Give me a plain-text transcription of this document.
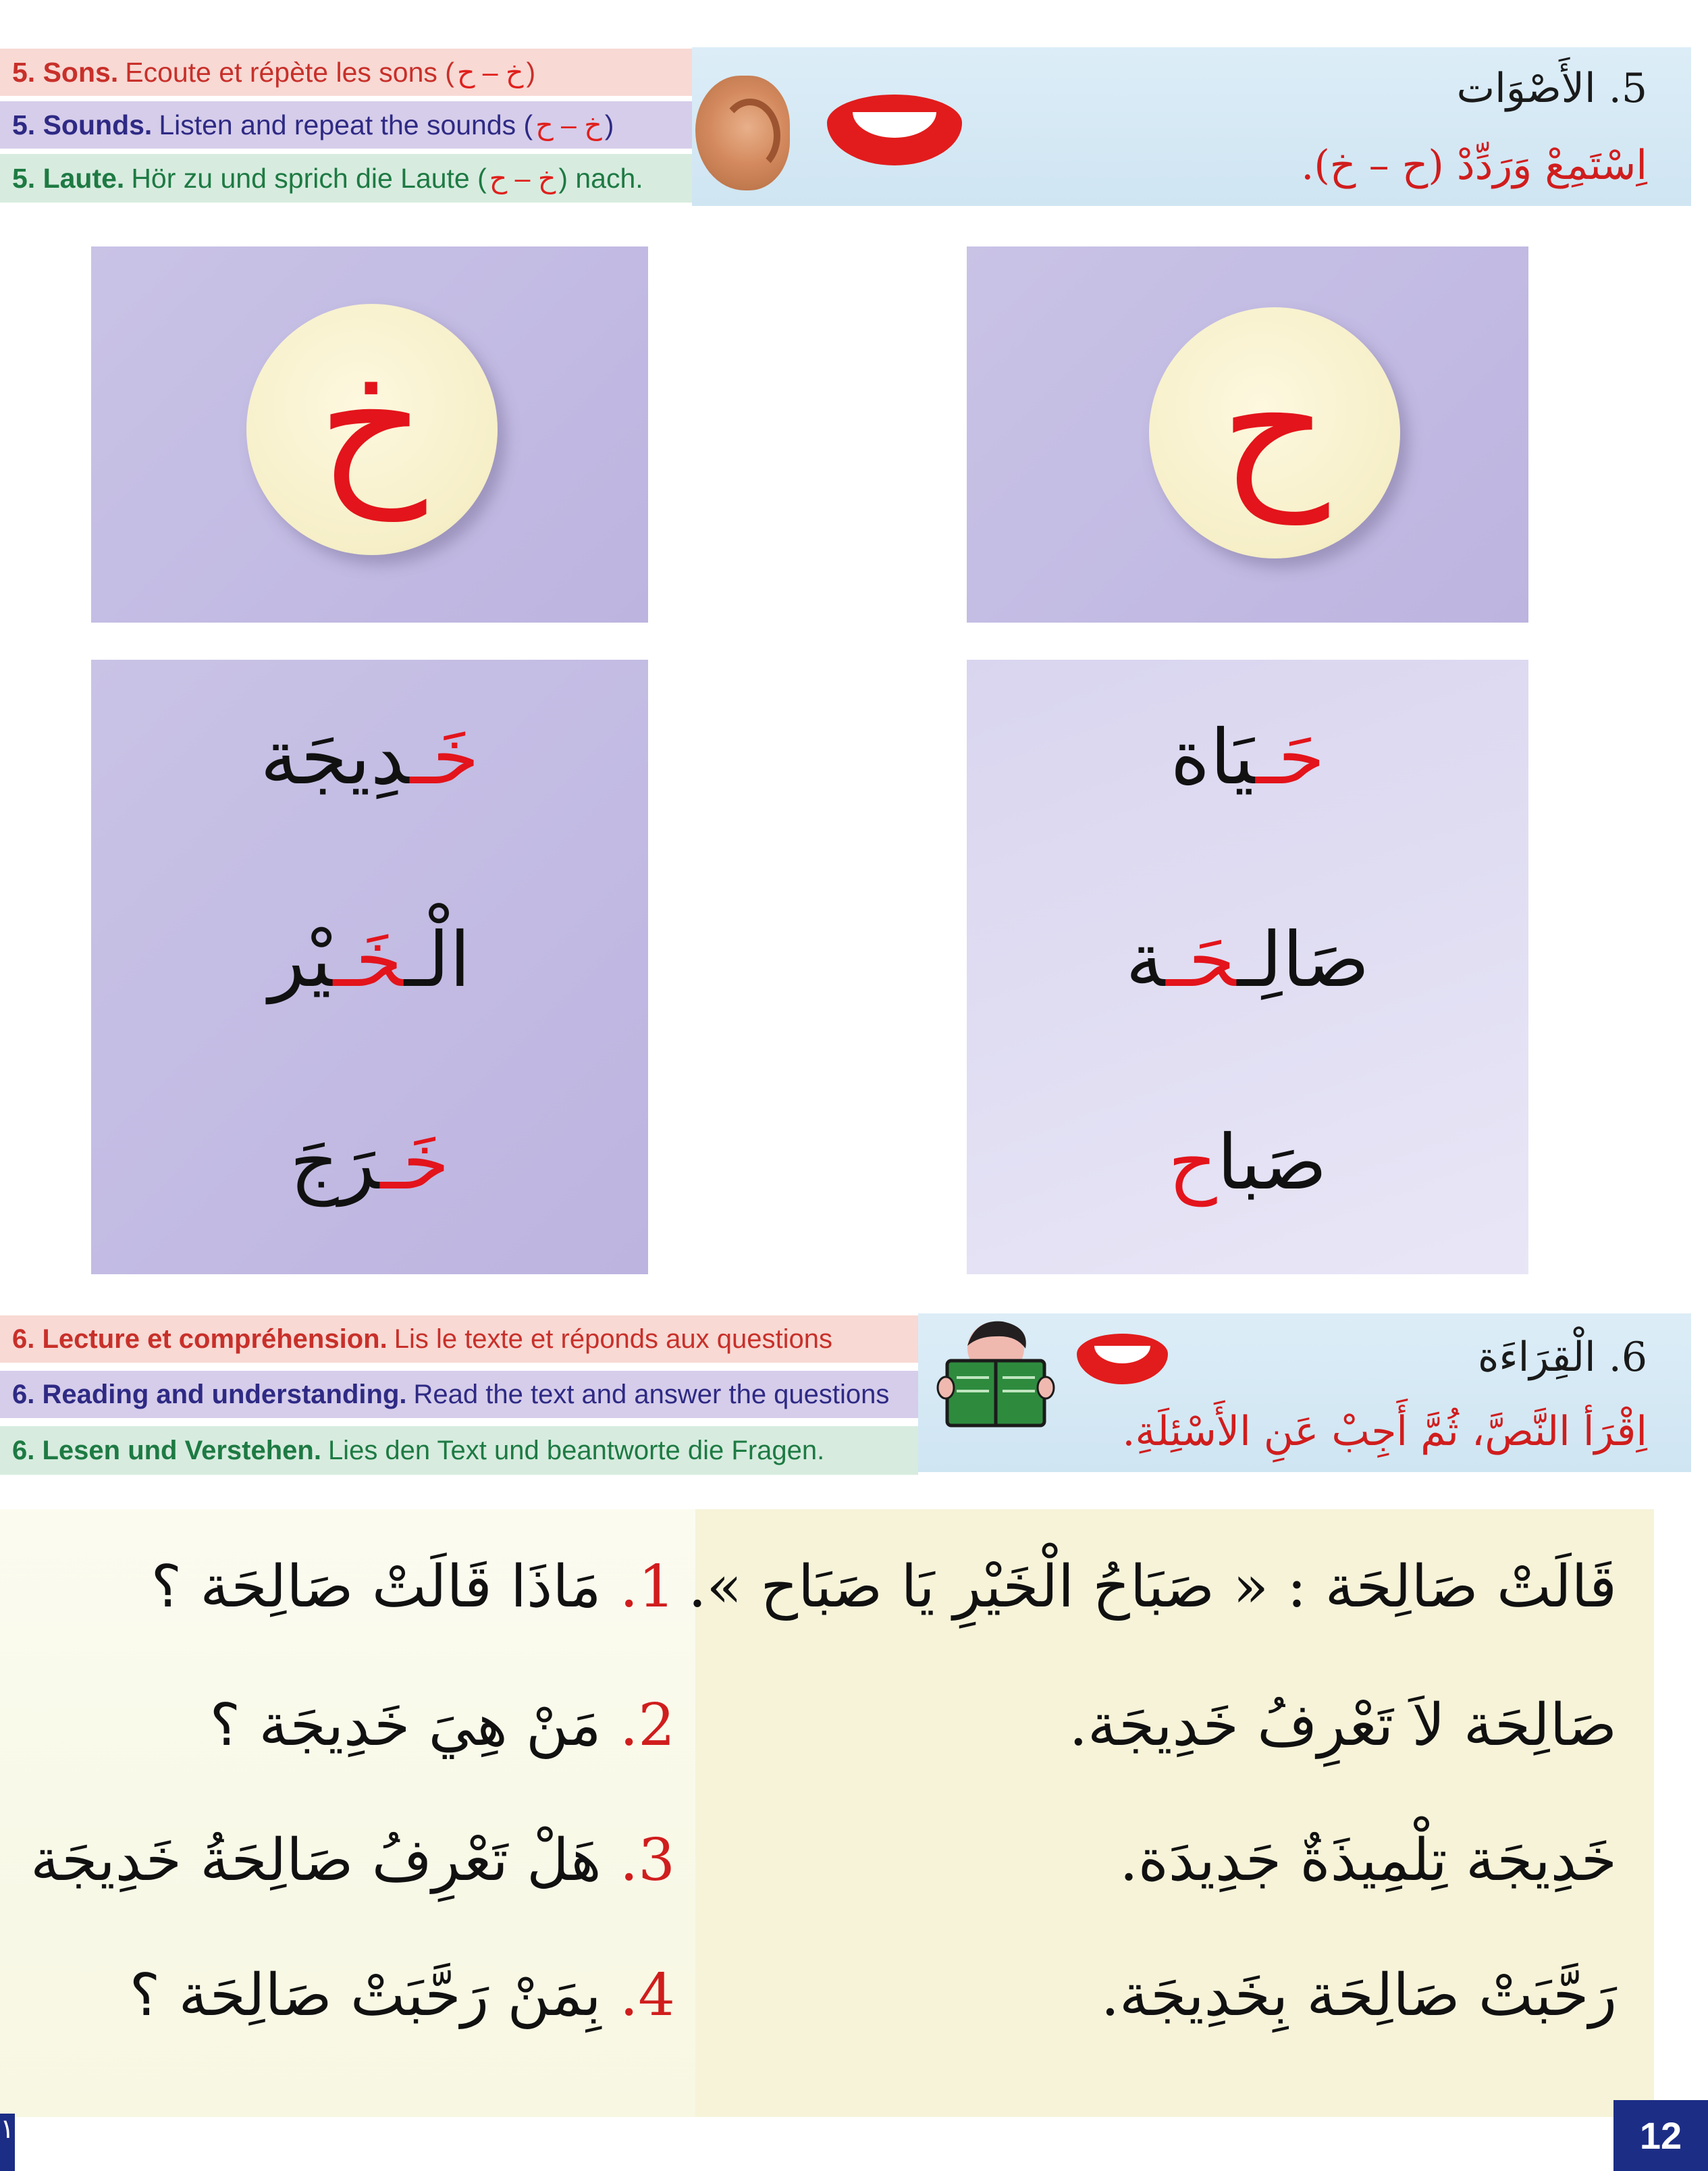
5. Sons. Ecoute et répète les sons ( خ – ح )
5. Sounds. Listen and repeat the sounds ( خ – ح )
5. Laute. Hör zu und sprich die Laute ( خ – ح ) nach.
5. الأَصْوَات
اِسْتَمِعْ وَرَدِّدْ (ح – خ).
خ	ح
خَـدِيجَة
الْـخَـيْر
خَـرَجَ
حَـيَاة
صَالِـحَـة
صَباح
6. Lecture et compréhension. Lis le texte et réponds aux questions
6. Reading and understanding. Read the text and answer the questions
6. Lesen und Verstehen. Lies den Text und beantworte die Fragen.
6. الْقِرَاءَة
اِقْرَأ النَّصَّ، ثُمَّ أَجِبْ عَنِ الأَسْئِلَةِ.
قَالَتْ صَالِحَة : « صَبَاحُ الْخَيْرِ يَا صَبَاح ».
صَالِحَة لاَ تَعْرِفُ خَدِيجَة.
خَدِيجَة تِلْمِيذَةٌ جَدِيدَة.
رَحَّبَتْ صَالِحَة بِخَدِيجَة.
1. مَاذَا قَالَتْ صَالِحَة ؟
2. مَنْ هِيَ خَدِيجَة ؟
3. هَلْ تَعْرِفُ صَالِحَةُ خَدِيجَة
4. بِمَنْ رَحَّبَتْ صَالِحَة ؟
١٣	12
